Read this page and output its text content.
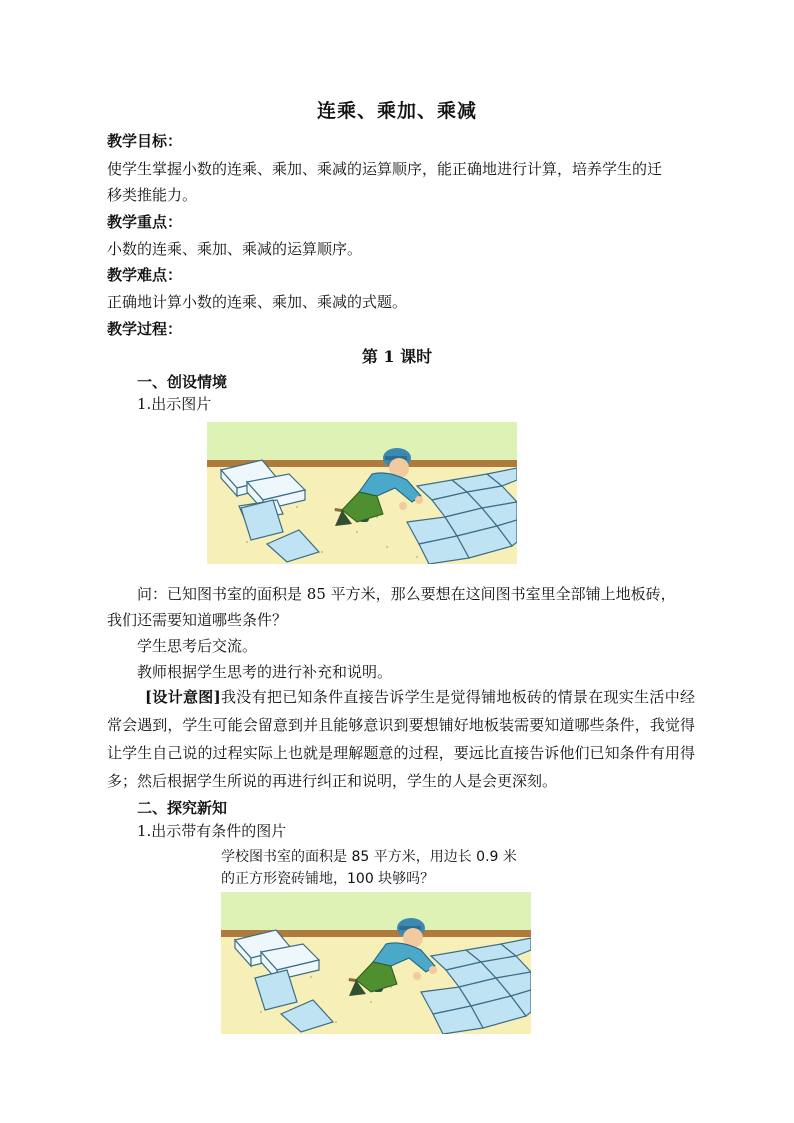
连乘、乘加、乘减
教学目标：
使学生掌握小数的连乘、乘加、乘减的运算顺序，能正确地进行计算，培养学生的迁
移类推能力。
教学重点：
小数的连乘、乘加、乘减的运算顺序。
教学难点：
正确地计算小数的连乘、乘加、乘减的式题。
教学过程：
第 1 课时
一、创设情境
1.出示图片
问：已知图书室的面积是 85 平方米，那么要想在这间图书室里全部铺上地板砖，
我们还需要知道哪些条件？
学生思考后交流。
教师根据学生思考的进行补充和说明。
[设计意图]我没有把已知条件直接告诉学生是觉得铺地板砖的情景在现实生活中经常会遇到，学生可能会留意到并且能够意识到要想铺好地板装需要知道哪些条件，我觉得让学生自己说的过程实际上也就是理解题意的过程，要远比直接告诉他们已知条件有用得多；然后根据学生所说的再进行纠正和说明，学生的人是会更深刻。
二、探究新知
1.出示带有条件的图片
学校图书室的面积是 85 平方米，用边长 0.9 米
的正方形瓷砖铺地，100 块够吗？
